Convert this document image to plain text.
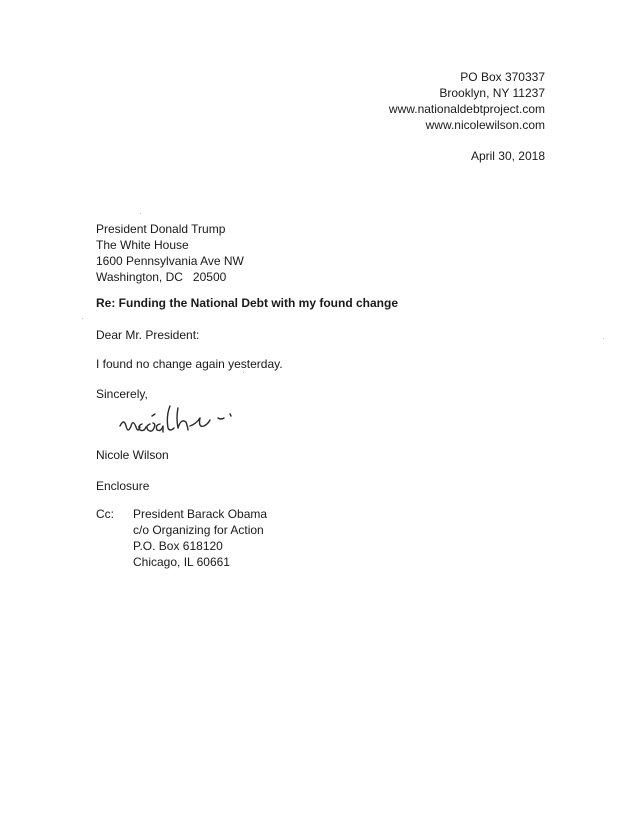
PO Box 370337
Brooklyn, NY 11237
www.nationaldebtproject.com
www.nicolewilson.com
April 30, 2018
President Donald Trump
The White House
1600 Pennsylvania Ave NW
Washington, DC   20500
Re: Funding the National Debt with my found change
Dear Mr. President:
I found no change again yesterday.
Sincerely,
Nicole Wilson
Enclosure
Cc:	President Barack Obama
c/o Organizing for Action
P.O. Box 618120
Chicago, IL 60661
